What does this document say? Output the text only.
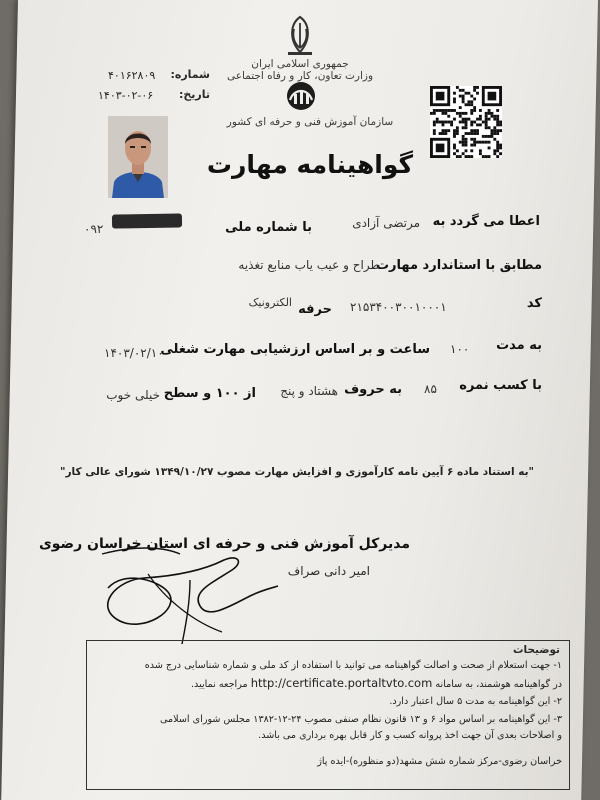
جمهوری اسلامی ایران
وزارت تعاون، کار و رفاه اجتماعی
سازمان آموزش فنی و حرفه ای کشور
شماره:
۴۰۱۶۲۸۰۹
تاریخ:
۱۴۰۳-۰۲-۰۶
گواهینامه مهارت
اعطا می گردد به
مرتضی آزادی
با شماره ملی
۰۹۲
مطابق با استاندارد مهارت
طراح و عیب یاب منابع تغذیه
کد
۲۱۵۳۴۰۰۳۰۰۱۰۰۰۱
حرفه
الکترونیک
به مدت
۱۰۰
ساعت و بر اساس ارزشیابی مهارت شغلی
۱۴۰۳/۰۲/۱۰
با کسب نمره
۸۵
به حروف
هشتاد و پنج
از ۱۰۰ و سطح
خیلی خوب
"به استناد ماده ۶ آیین نامه کارآموزی و افزایش مهارت مصوب ۱۳۴۹/۱۰/۲۷ شورای عالی کار"
مدیرکل آموزش فنی و حرفه ای استان خراسان رضوی
امیر دانی صراف
توضیحات
۱- جهت استعلام از صحت و اصالت گواهینامه می توانید با استفاده از کد ملی و شماره شناسایی درج شده
در گواهینامه هوشمند، به سامانه http://certificate.portaltvto.com مراجعه نمایید.
۲- این گواهینامه به مدت ۵ سال اعتبار دارد.
۳- این گواهینامه بر اساس مواد ۶ و ۱۳ قانون نظام صنفی مصوب ۲۴-۱۲-۱۳۸۲ مجلس شورای اسلامی
و اصلاحات بعدی آن جهت اخذ پروانه کسب و کار قابل بهره برداری می باشد.
خراسان رضوی-مرکز شماره شش مشهد(دو منظوره)-ایده پاژ
